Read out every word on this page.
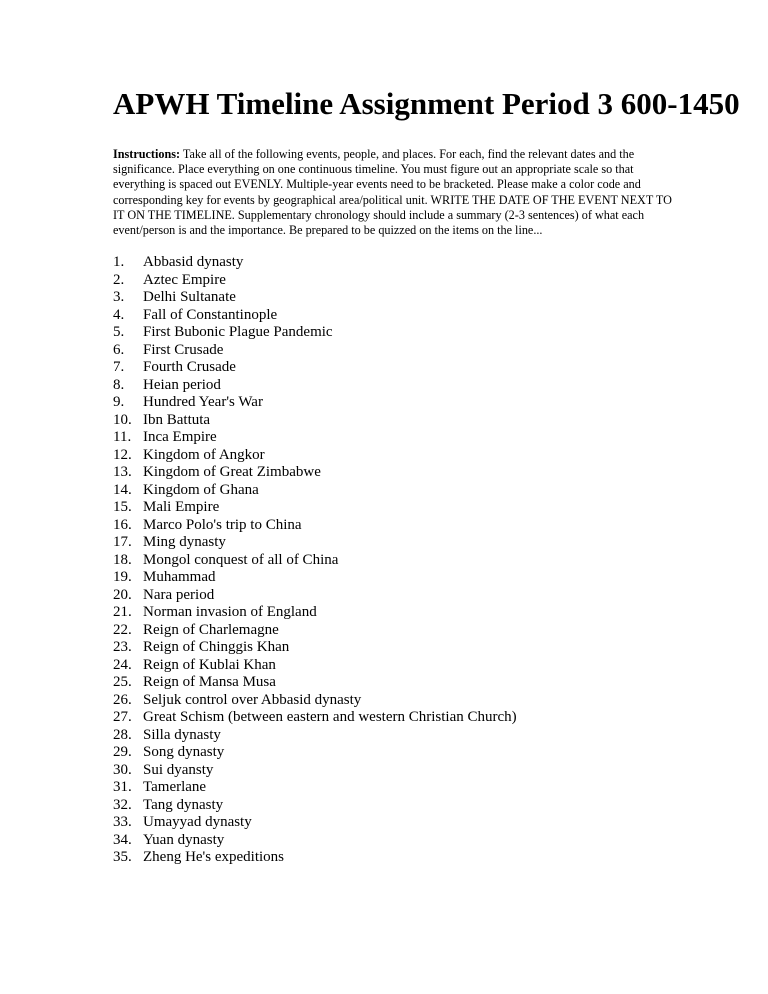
APWH Timeline Assignment Period 3 600-1450

Instructions: Take all of the following events, people, and places. For each, find the relevant dates and the significance. Place everything on one continuous timeline. You must figure out an appropriate scale so that everything is spaced out EVENLY. Multiple-year events need to be bracketed. Please make a color code and corresponding key for events by geographical area/political unit. WRITE THE DATE OF THE EVENT NEXT TO IT ON THE TIMELINE. Supplementary chronology should include a summary (2-3 sentences) of what each event/person is and the importance. Be prepared to be quizzed on the items on the line...

1.	Abbasid dynasty
2.	Aztec Empire
3.	Delhi Sultanate
4.	Fall of Constantinople
5.	First Bubonic Plague Pandemic
6.	First Crusade
7.	Fourth Crusade
8.	Heian period
9.	Hundred Year's War
10. Ibn Battuta
11. Inca Empire
12. Kingdom of Angkor
13. Kingdom of Great Zimbabwe
14. Kingdom of Ghana
15. Mali Empire
16. Marco Polo's trip to China
17. Ming dynasty
18. Mongol conquest of all of China
19. Muhammad
20. Nara period
21. Norman invasion of England
22. Reign of Charlemagne
23. Reign of Chinggis Khan
24. Reign of Kublai Khan
25. Reign of Mansa Musa
26. Seljuk control over Abbasid dynasty
27. Great Schism (between eastern and western Christian Church)
28. Silla dynasty
29. Song dynasty
30. Sui dyansty
31. Tamerlane
32. Tang dynasty
33. Umayyad dynasty
34. Yuan dynasty
35. Zheng He's expeditions
